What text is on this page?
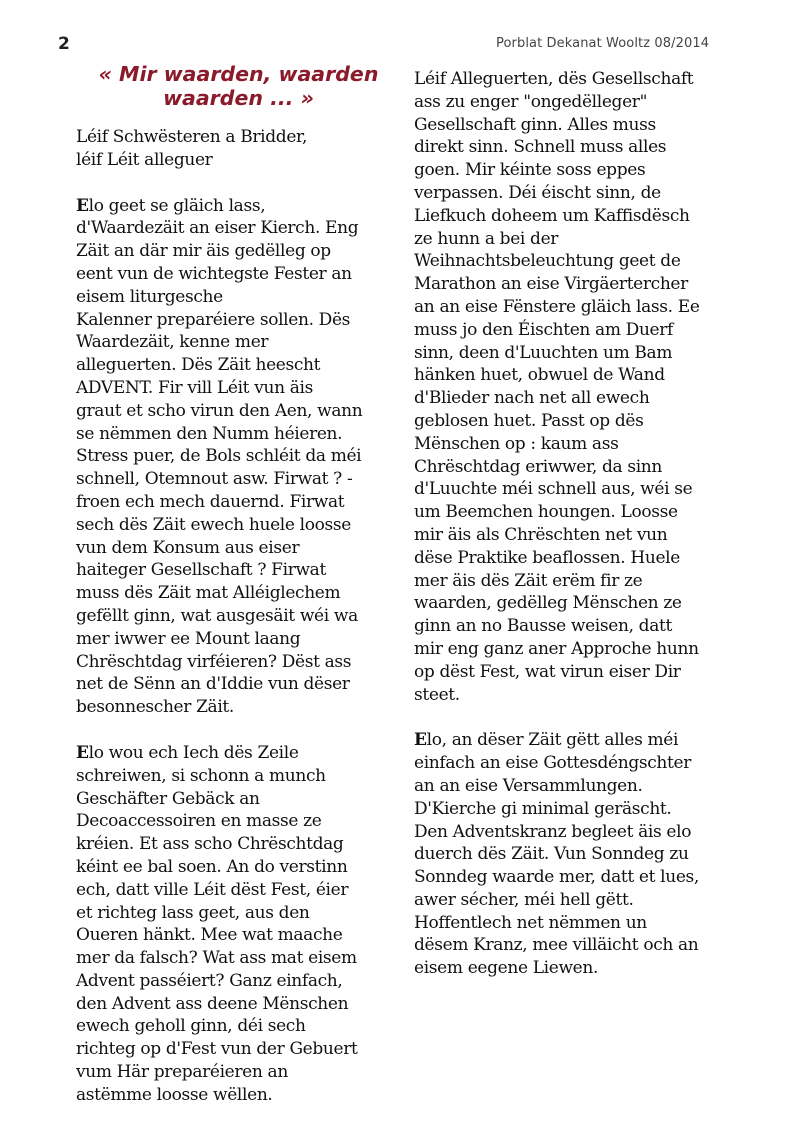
2	Porblat Dekanat Wooltz 08/2014
« Mir waarden, waarden
waarden ... »
Léif Schwësteren a Bridder,
léif Léit alleguer
Elo geet se gläich lass,
d'Waardezäit an eiser Kierch. Eng
Zäit an där mir äis gedëlleg op
eent vun de wichtegste Fester an
eisem liturgesche
Kalenner preparéiere sollen. Dës
Waardezäit, kenne mer
alleguerten. Dës Zäit heescht
ADVENT. Fir vill Léit vun äis
graut et scho virun den Aen, wann
se nëmmen den Numm héieren.
Stress puer, de Bols schléit da méi
schnell, Otemnout asw. Firwat ? -
froen ech mech dauernd. Firwat
sech dës Zäit ewech huele loosse
vun dem Konsum aus eiser
haiteger Gesellschaft ? Firwat
muss dës Zäit mat Alléiglechem
gefëllt ginn, wat ausgesäit wéi wa
mer iwwer ee Mount laang
Chrëschtdag virféieren? Dëst ass
net de Sënn an d'Iddie vun dëser
besonnescher Zäit.
Elo wou ech Iech dës Zeile
schreiwen, si schonn a munch
Geschäfter Gebäck an
Decoaccessoiren en masse ze
kréien. Et ass scho Chrëschtdag
kéint ee bal soen. An do verstinn
ech, datt ville Léit dëst Fest, éier
et richteg lass geet, aus den
Oueren hänkt. Mee wat maache
mer da falsch? Wat ass mat eisem
Advent passéiert? Ganz einfach,
den Advent ass deene Mënschen
ewech geholl ginn, déi sech
richteg op d'Fest vun der Gebuert
vum Här preparéieren an
astëmme loosse wëllen.
Léif Alleguerten, dës Gesellschaft
ass zu enger "ongedëlleger"
Gesellschaft ginn. Alles muss
direkt sinn. Schnell muss alles
goen. Mir kéinte soss eppes
verpassen. Déi éischt sinn, de
Liefkuch doheem um Kaffisdësch
ze hunn a bei der
Weihnachtsbeleuchtung geet de
Marathon an eise Virgäertercher
an an eise Fënstere gläich lass. Ee
muss jo den Éischten am Duerf
sinn, deen d'Luuchten um Bam
hänken huet, obwuel de Wand
d'Blieder nach net all ewech
geblosen huet. Passt op dës
Mënschen op : kaum ass
Chrëschtdag eriwwer, da sinn
d'Luuchte méi schnell aus, wéi se
um Beemchen houngen. Loosse
mir äis als Chrëschten net vun
dëse Praktike beaflossen. Huele
mer äis dës Zäit erëm fir ze
waarden, gedëlleg Mënschen ze
ginn an no Bausse weisen, datt
mir eng ganz aner Approche hunn
op dëst Fest, wat virun eiser Dir
steet.
Elo, an dëser Zäit gëtt alles méi
einfach an eise Gottesdéngschter
an an eise Versammlungen.
D'Kierche gi minimal geräscht.
Den Adventskranz begleet äis elo
duerch dës Zäit. Vun Sonndeg zu
Sonndeg waarde mer, datt et lues,
awer sécher, méi hell gëtt.
Hoffentlech net nëmmen un
dësem Kranz, mee villäicht och an
eisem eegene Liewen.
